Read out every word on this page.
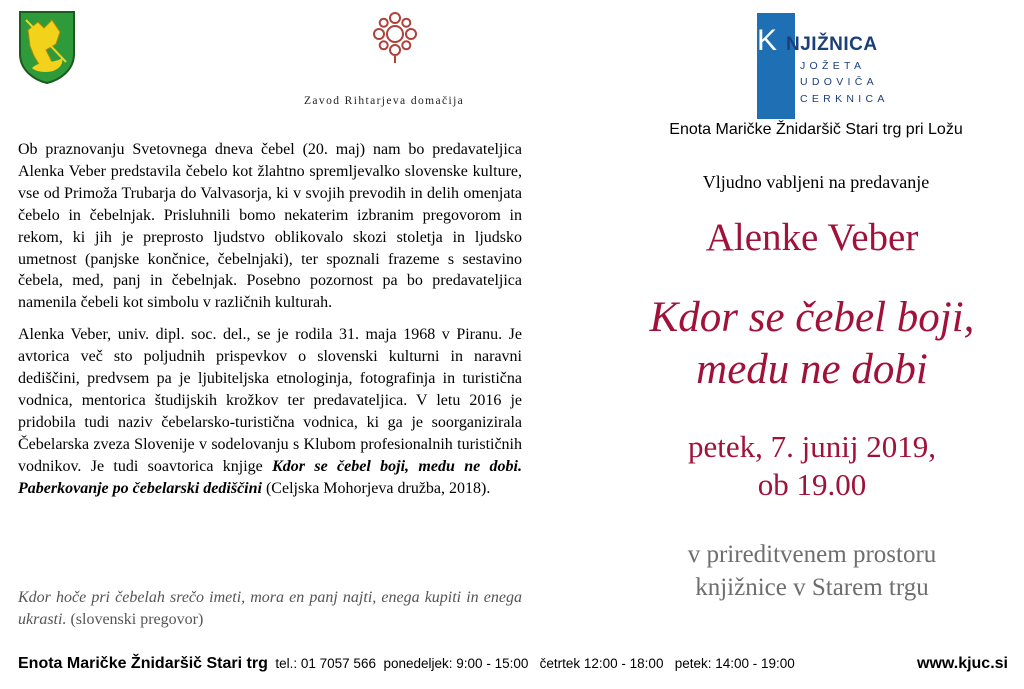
Zavod Rihtarjeva domačija
K NJIŽNICA
JOŽETA
UDOVIČA
CERKNICA
Enota Maričke Žnidaršič Stari trg pri Ložu
Vljudno vabljeni na predavanje
Alenke Veber
Kdor se čebel boji,
medu ne dobi
petek, 7. junij 2019,
ob 19.00
v prireditvenem prostoru
knjižnice v Starem trgu

Ob praznovanju Svetovnega dneva čebel (20. maj) nam bo predavateljica Alenka Veber predstavila čebelo kot žlahtno spremljevalko slovenske kulture, vse od Primoža Trubarja do Valvasorja, ki v svojih prevodih in delih omenjata čebelo in čebelnjak. Prisluhnili bomo nekaterim izbranim pregovorom in rekom, ki jih je preprosto ljudstvo oblikovalo skozi stoletja in ljudsko umetnost (panjske končnice, čebelnjaki), ter spoznali frazeme s sestavino čebela, med, panj in čebelnjak. Posebno pozornost pa bo predavateljica namenila čebeli kot simbolu v različnih kulturah.

Alenka Veber, univ. dipl. soc. del., se je rodila 31. maja 1968 v Piranu. Je avtorica več sto poljudnih prispevkov o slovenski kulturni in naravni dediščini, predvsem pa je ljubiteljska etnologinja, fotografinja in turistična vodnica, mentorica študijskih krožkov ter predavateljica. V letu 2016 je pridobila tudi naziv čebelarsko-turistična vodnica, ki ga je soorganizirala Čebelarska zveza Slovenije v sodelovanju s Klubom profesionalnih turističnih vodnikov. Je tudi soavtorica knjige Kdor se čebel boji, medu ne dobi. Paberkovanje po čebelarski dediščini (Celjska Mohorjeva družba, 2018).

Kdor hoče pri čebelah srečo imeti, mora en panj najti, enega kupiti in enega ukrasti. (slovenski pregovor)
Enota Maričke Žnidaršič Stari trg tel.: 01 7057 566 ponedeljek: 9:00 - 15:00 četrtek 12:00 - 18:00 petek: 14:00 - 19:00	www.kjuc.si
